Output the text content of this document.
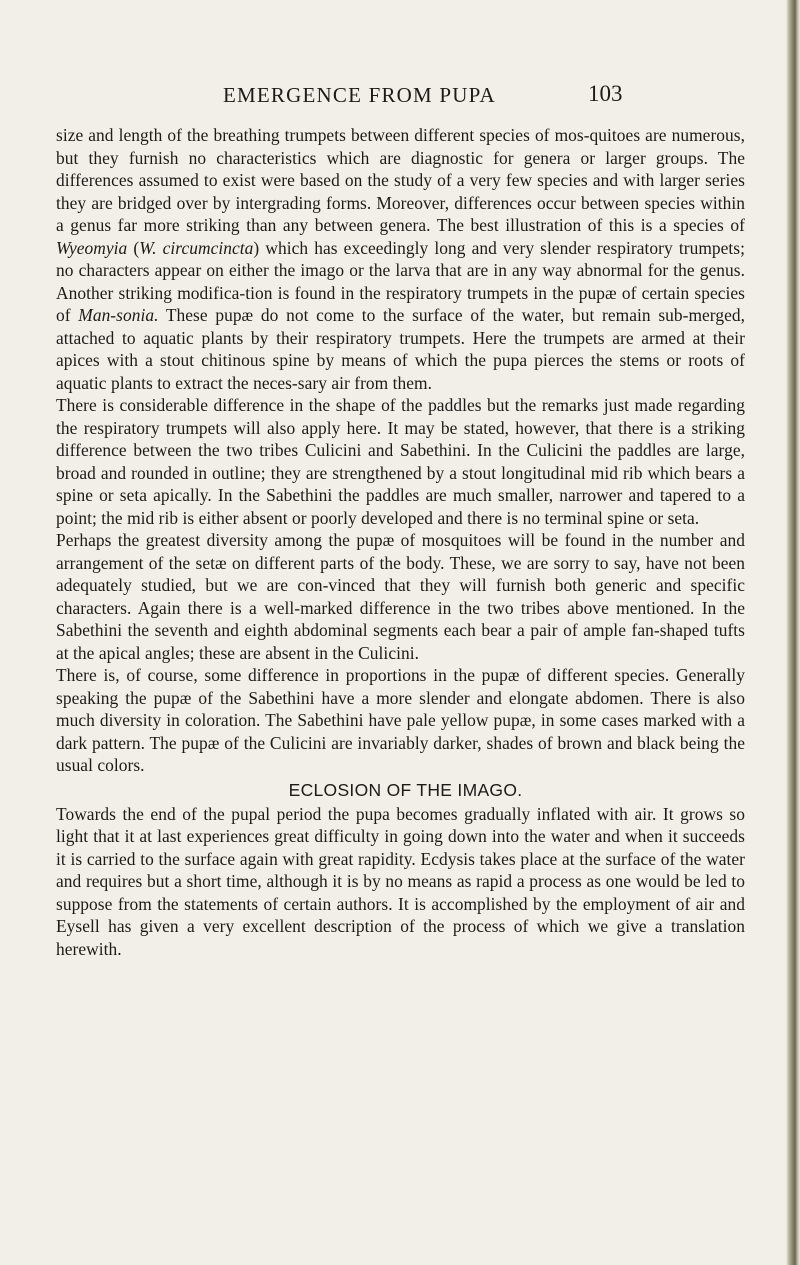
EMERGENCE FROM PUPA	103

size and length of the breathing trumpets between different species of mos-quitoes are numerous, but they furnish no characteristics which are diagnostic for genera or larger groups. The differences assumed to exist were based on the study of a very few species and with larger series they are bridged over by intergrading forms. Moreover, differences occur between species within a genus far more striking than any between genera. The best illustration of this is a species of Wyeomyia (W. circumcincta) which has exceedingly long and very slender respiratory trumpets; no characters appear on either the imago or the larva that are in any way abnormal for the genus. Another striking modifica-tion is found in the respiratory trumpets in the pupæ of certain species of Man-sonia. These pupæ do not come to the surface of the water, but remain sub-merged, attached to aquatic plants by their respiratory trumpets. Here the trumpets are armed at their apices with a stout chitinous spine by means of which the pupa pierces the stems or roots of aquatic plants to extract the neces-sary air from them.

There is considerable difference in the shape of the paddles but the remarks just made regarding the respiratory trumpets will also apply here. It may be stated, however, that there is a striking difference between the two tribes Culicini and Sabethini. In the Culicini the paddles are large, broad and rounded in outline; they are strengthened by a stout longitudinal mid rib which bears a spine or seta apically. In the Sabethini the paddles are much smaller, narrower and tapered to a point; the mid rib is either absent or poorly developed and there is no terminal spine or seta.

Perhaps the greatest diversity among the pupæ of mosquitoes will be found in the number and arrangement of the setæ on different parts of the body. These, we are sorry to say, have not been adequately studied, but we are con-vinced that they will furnish both generic and specific characters. Again there is a well-marked difference in the two tribes above mentioned. In the Sabethini the seventh and eighth abdominal segments each bear a pair of ample fan-shaped tufts at the apical angles; these are absent in the Culicini.

There is, of course, some difference in proportions in the pupæ of different species. Generally speaking the pupæ of the Sabethini have a more slender and elongate abdomen. There is also much diversity in coloration. The Sabethini have pale yellow pupæ, in some cases marked with a dark pattern. The pupæ of the Culicini are invariably darker, shades of brown and black being the usual colors.

ECLOSION OF THE IMAGO.

Towards the end of the pupal period the pupa becomes gradually inflated with air. It grows so light that it at last experiences great difficulty in going down into the water and when it succeeds it is carried to the surface again with great rapidity. Ecdysis takes place at the surface of the water and requires but a short time, although it is by no means as rapid a process as one would be led to suppose from the statements of certain authors. It is accomplished by the employment of air and Eysell has given a very excellent description of the process of which we give a translation herewith.
